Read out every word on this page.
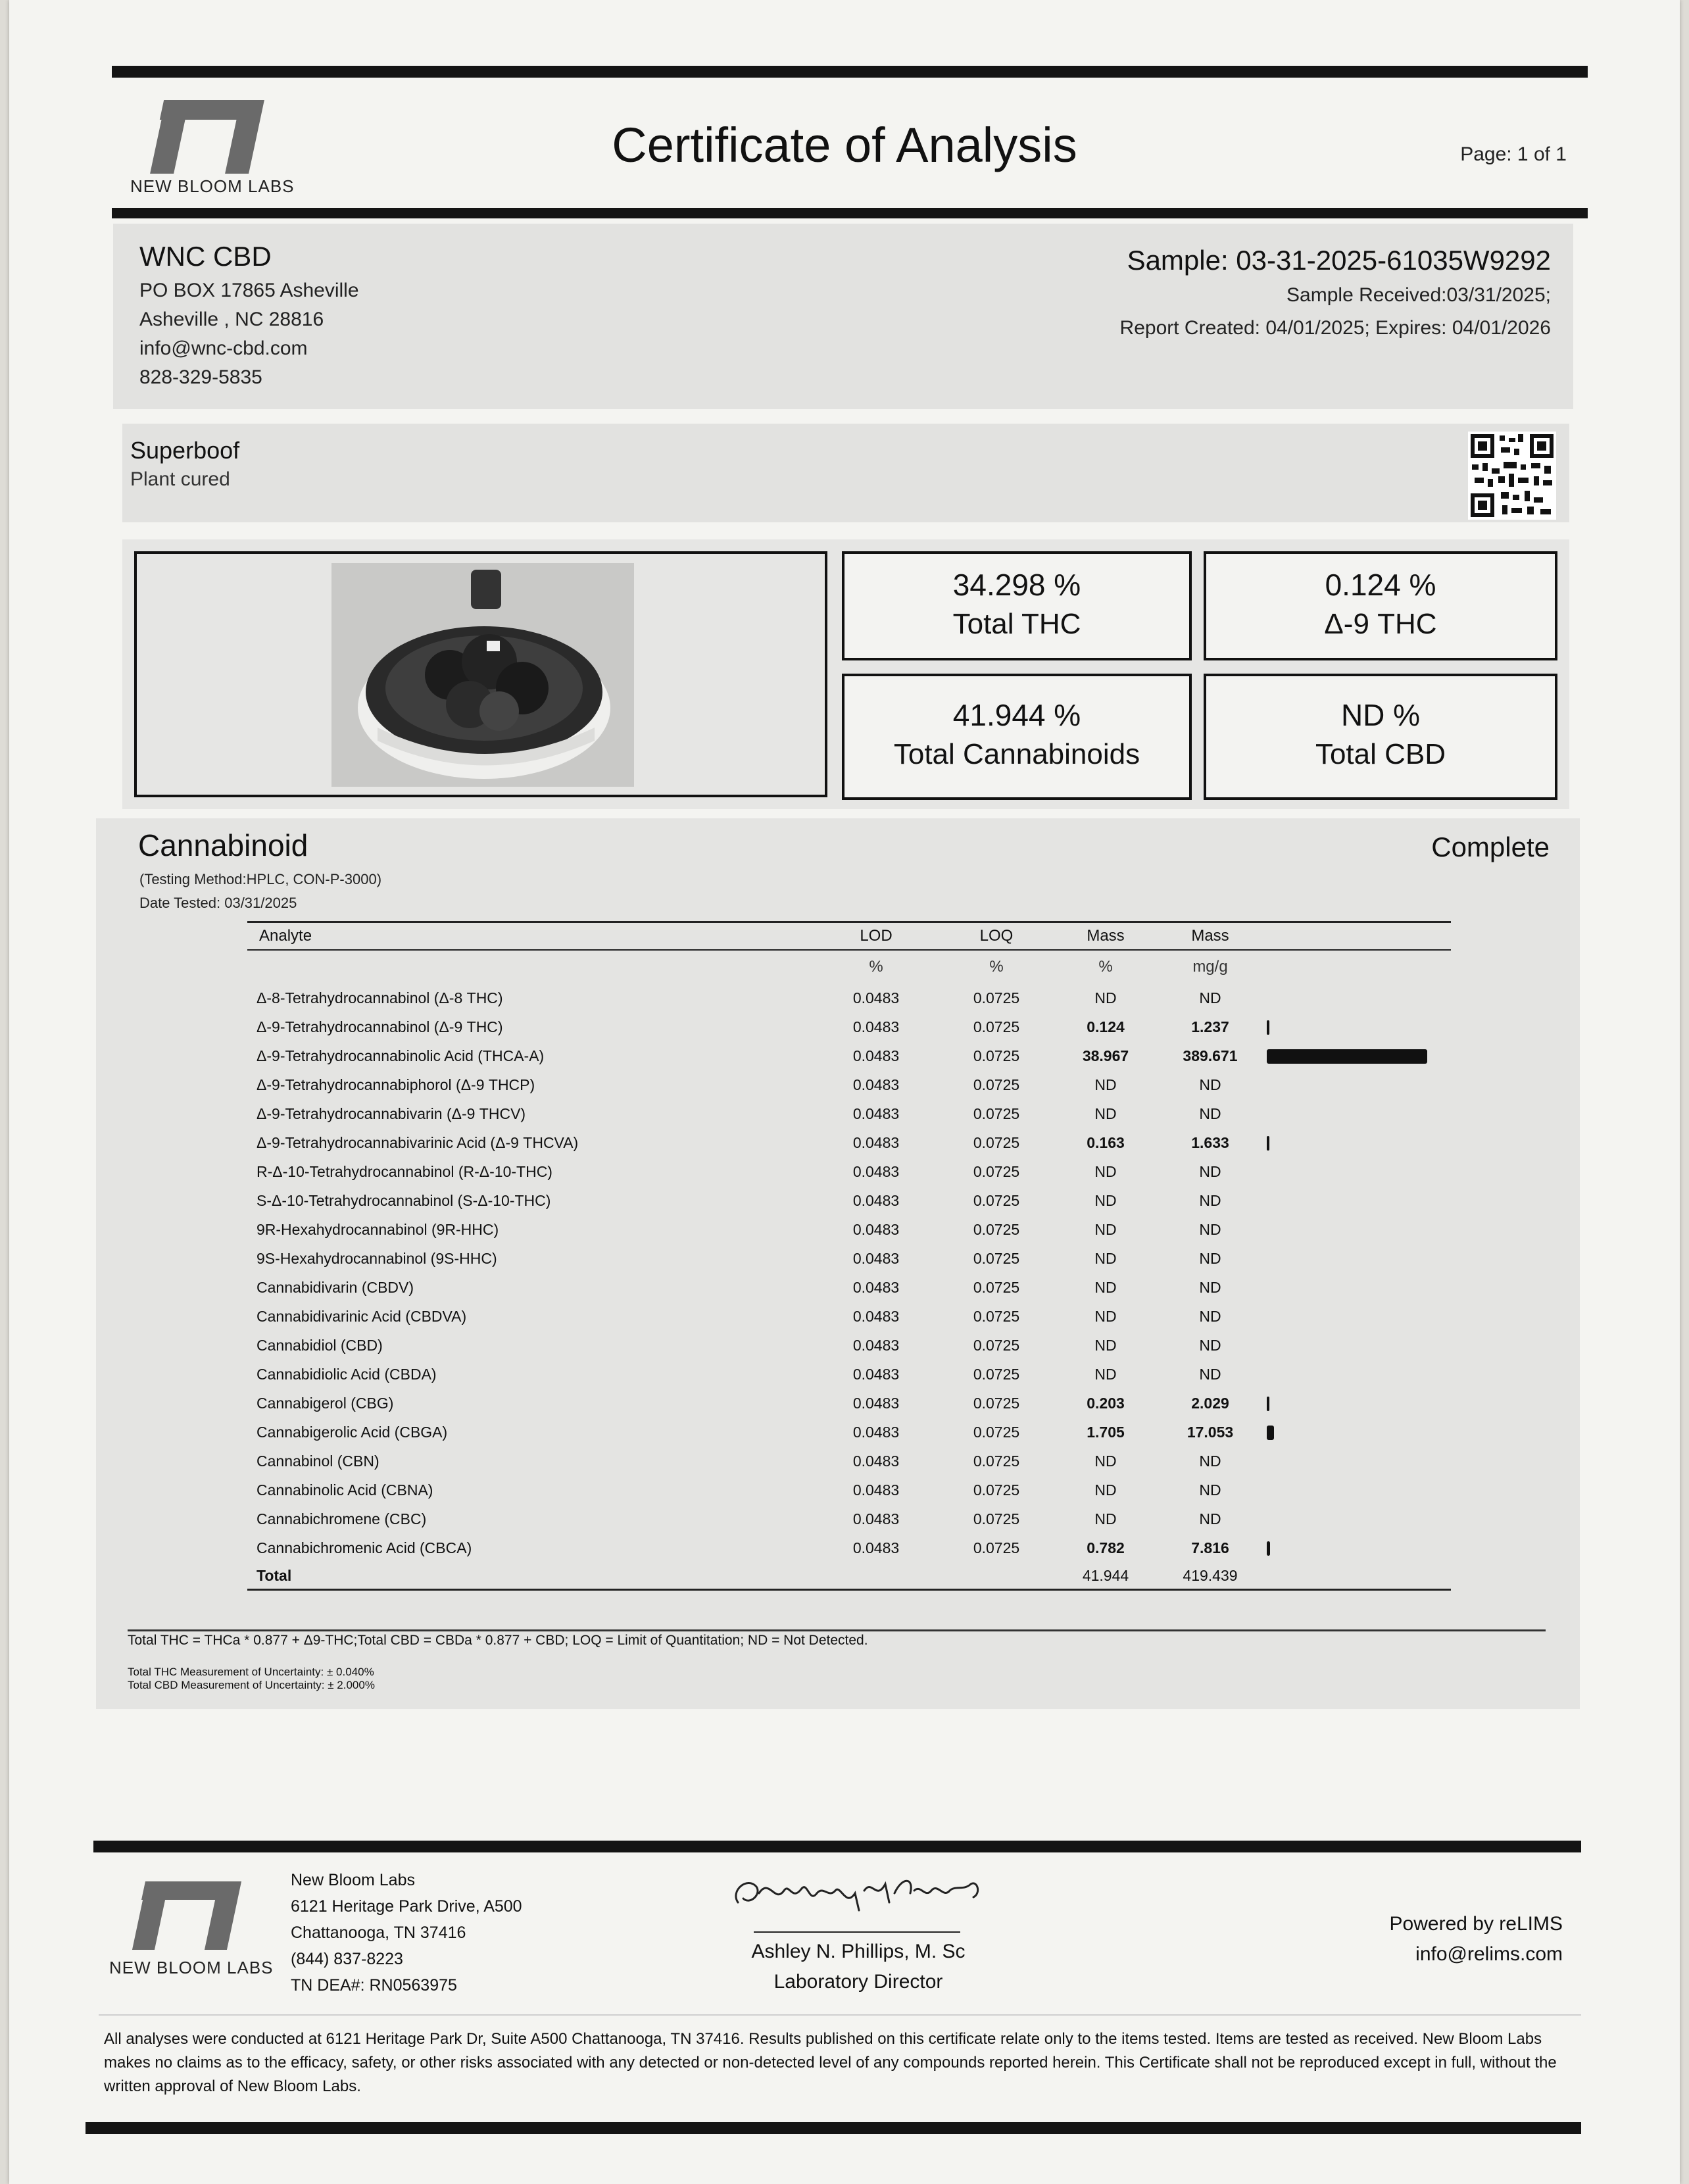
NEW BLOOM LABS
Certificate of Analysis	Page: 1 of 1
WNC CBD
PO BOX 17865 Asheville
Asheville , NC 28816
info@wnc-cbd.com
828-329-5835
Sample: 03-31-2025-61035W9292
Sample Received:03/31/2025;
Report Created: 04/01/2025; Expires: 04/01/2026
Superboof
Plant cured
34.298 %
Total THC
0.124 %
Δ-9 THC
41.944 %
Total Cannabinoids
ND %
Total CBD
Cannabinoid	Complete
(Testing Method:HPLC, CON-P-3000)
Date Tested: 03/31/2025
Analyte	LOD	LOQ	Mass	Mass	
	%	%	%	mg/g	
Δ-8-Tetrahydrocannabinol (Δ-8 THC)	0.0483	0.0725	ND	ND	
Δ-9-Tetrahydrocannabinol (Δ-9 THC)	0.0483	0.0725	0.124	1.237	

Δ-9-Tetrahydrocannabinolic Acid (THCA-A)	0.0483	0.0725	38.967	389.671	

Δ-9-Tetrahydrocannabiphorol (Δ-9 THCP)	0.0483	0.0725	ND	ND	
Δ-9-Tetrahydrocannabivarin (Δ-9 THCV)	0.0483	0.0725	ND	ND	
Δ-9-Tetrahydrocannabivarinic Acid (Δ-9 THCVA)	0.0483	0.0725	0.163	1.633	

R-Δ-10-Tetrahydrocannabinol (R-Δ-10-THC)	0.0483	0.0725	ND	ND	
S-Δ-10-Tetrahydrocannabinol (S-Δ-10-THC)	0.0483	0.0725	ND	ND	
9R-Hexahydrocannabinol (9R-HHC)	0.0483	0.0725	ND	ND	
9S-Hexahydrocannabinol (9S-HHC)	0.0483	0.0725	ND	ND	
Cannabidivarin (CBDV)	0.0483	0.0725	ND	ND	
Cannabidivarinic Acid (CBDVA)	0.0483	0.0725	ND	ND	
Cannabidiol (CBD)	0.0483	0.0725	ND	ND	
Cannabidiolic Acid (CBDA)	0.0483	0.0725	ND	ND	
Cannabigerol (CBG)	0.0483	0.0725	0.203	2.029	

Cannabigerolic Acid (CBGA)	0.0483	0.0725	1.705	17.053	

Cannabinol (CBN)	0.0483	0.0725	ND	ND	
Cannabinolic Acid (CBNA)	0.0483	0.0725	ND	ND	
Cannabichromene (CBC)	0.0483	0.0725	ND	ND	
Cannabichromenic Acid (CBCA)	0.0483	0.0725	0.782	7.816	

Total			41.944	419.439	
Total THC = THCa * 0.877 + Δ9-THC;Total CBD = CBDa * 0.877 + CBD; LOQ = Limit of Quantitation; ND = Not Detected.
Total THC Measurement of Uncertainty: ± 0.040%
Total CBD Measurement of Uncertainty: ± 2.000%
NEW BLOOM LABS
New Bloom Labs
6121 Heritage Park Drive, A500
Chattanooga, TN 37416
(844) 837-8223
TN DEA#: RN0563975
Ashley N. Phillips, M. Sc
Laboratory Director
Powered by reLIMS
info@relims.com
All analyses were conducted at 6121 Heritage Park Dr, Suite A500 Chattanooga, TN 37416. Results published on this certificate relate only to the items tested. Items are tested as received. New Bloom Labs makes no claims as to the efficacy, safety, or other risks associated with any detected or non-detected level of any compounds reported herein. This Certificate shall not be reproduced except in full, without the written approval of New Bloom Labs.
